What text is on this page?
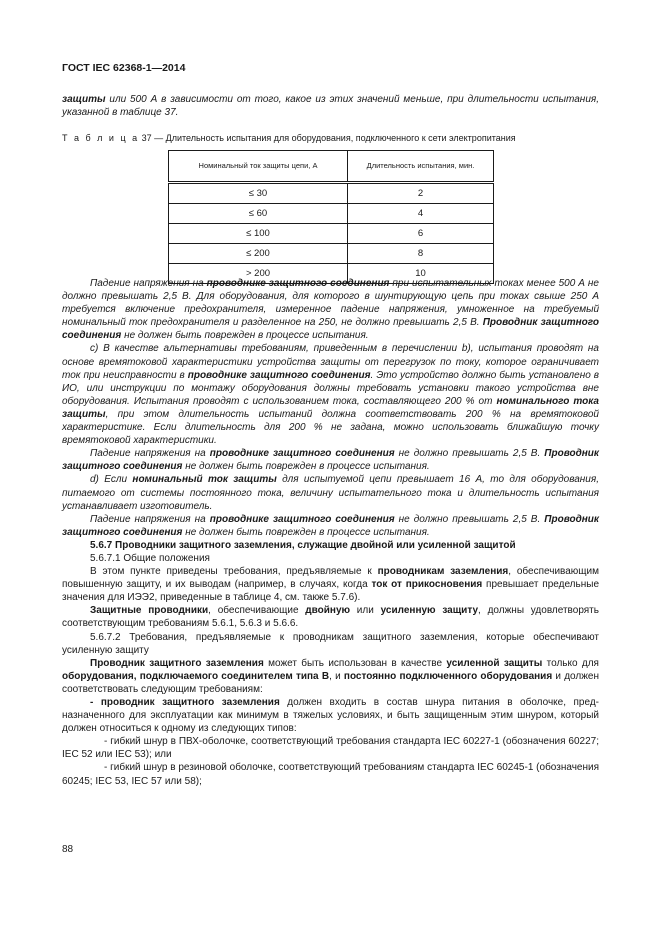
ГОСТ IEC 62368-1—2014

защиты или 500 А в зависимости от того, какое из этих значений меньше, при длительности испытания, указанной в таблице 37.

Т а б л и ц а 37 — Длительность испытания для оборудования, подключенного к сети электропитания
Номинальный ток защиты цепи, А	Длительность испытания, мин.
≤ 30	2
≤ 60	4
≤ 100	6
≤ 200	8
> 200	10

Падение напряжения на проводнике защитного соединения при испытательных токах менее 500 А не должно превышать 2,5 В. Для оборудования, для которого в шунтирующую цепь при токах свыше 250 А требуется включение предохранителя, измеренное падение напряжения, умноженное на требуемый номинальный ток предохранителя и разделенное на 250, не должно превышать 2,5 В. Проводник защитного соединения не должен быть поврежден в процессе испытания.

c) В качестве альтернативы требованиям, приведенным в перечислении b), испытания проводят на основе времятоковой характеристики устройства защиты от перегрузок по току, которое ограничивает ток при неисправности в проводнике защитного соединения. Это устройство должно быть установлено в ИО, или инструкции по монтажу оборудования должны требовать установки такого устройства вне оборудования. Испытания проводят с использованием тока, составляющего 200 % от номинального тока защиты, при этом длительность испытаний должна соответствовать 200 % на времятоковой характеристике. Если длительность для 200 % не задана, можно использовать ближайшую точку времятоковой характеристики.

Падение напряжения на проводнике защитного соединения не должно превышать 2,5 В. Проводник защитного соединения не должен быть поврежден в процессе испытания.

d) Если номинальный ток защиты для испытуемой цепи превышает 16 А, то для оборудования, питаемого от системы постоянного тока, величину испытательного тока и длительность испытания устанавливает изготовитель.

Падение напряжения на проводнике защитного соединения не должно превышать 2,5 В. Проводник защитного соединения не должен быть поврежден в процессе испытания.

5.6.7 Проводники защитного заземления, служащие двойной или усиленной защитой

5.6.7.1 Общие положения

В этом пункте приведены требования, предъявляемые к проводникам заземления, обеспечивающим повышенную защиту, и их выводам (например, в случаях, когда ток от прикосновения превышает предельные значения для ИЭЭ2, приведенные в таблице 4, см. также 5.7.6).

Защитные проводники, обеспечивающие двойную или усиленную защиту, должны удовлетворять соответствующим требованиям 5.6.1, 5.6.3 и 5.6.6.

5.6.7.2 Требования, предъявляемые к проводникам защитного заземления, которые обеспечивают усиленную защиту

Проводник защитного заземления может быть использован в качестве усиленной защиты только для оборудования, подключаемого соединителем типа В, и постоянно подключенного оборудования и должен соответствовать следующим требованиям:

- проводник защитного заземления должен входить в состав шнура питания в оболочке, предназначенного для эксплуатации как минимум в тяжелых условиях, и быть защищенным этим шнуром, который должен относиться к одному из следующих типов:

- гибкий шнур в ПВХ-оболочке, соответствующий требования стандарта IEC 60227-1 (обозначения 60227; IEC 52 или IEC 53); или

- гибкий шнур в резиновой оболочке, соответствующий требованиям стандарта IEC 60245-1 (обозначения 60245; IEC 53, IEC 57 или 58);

88
